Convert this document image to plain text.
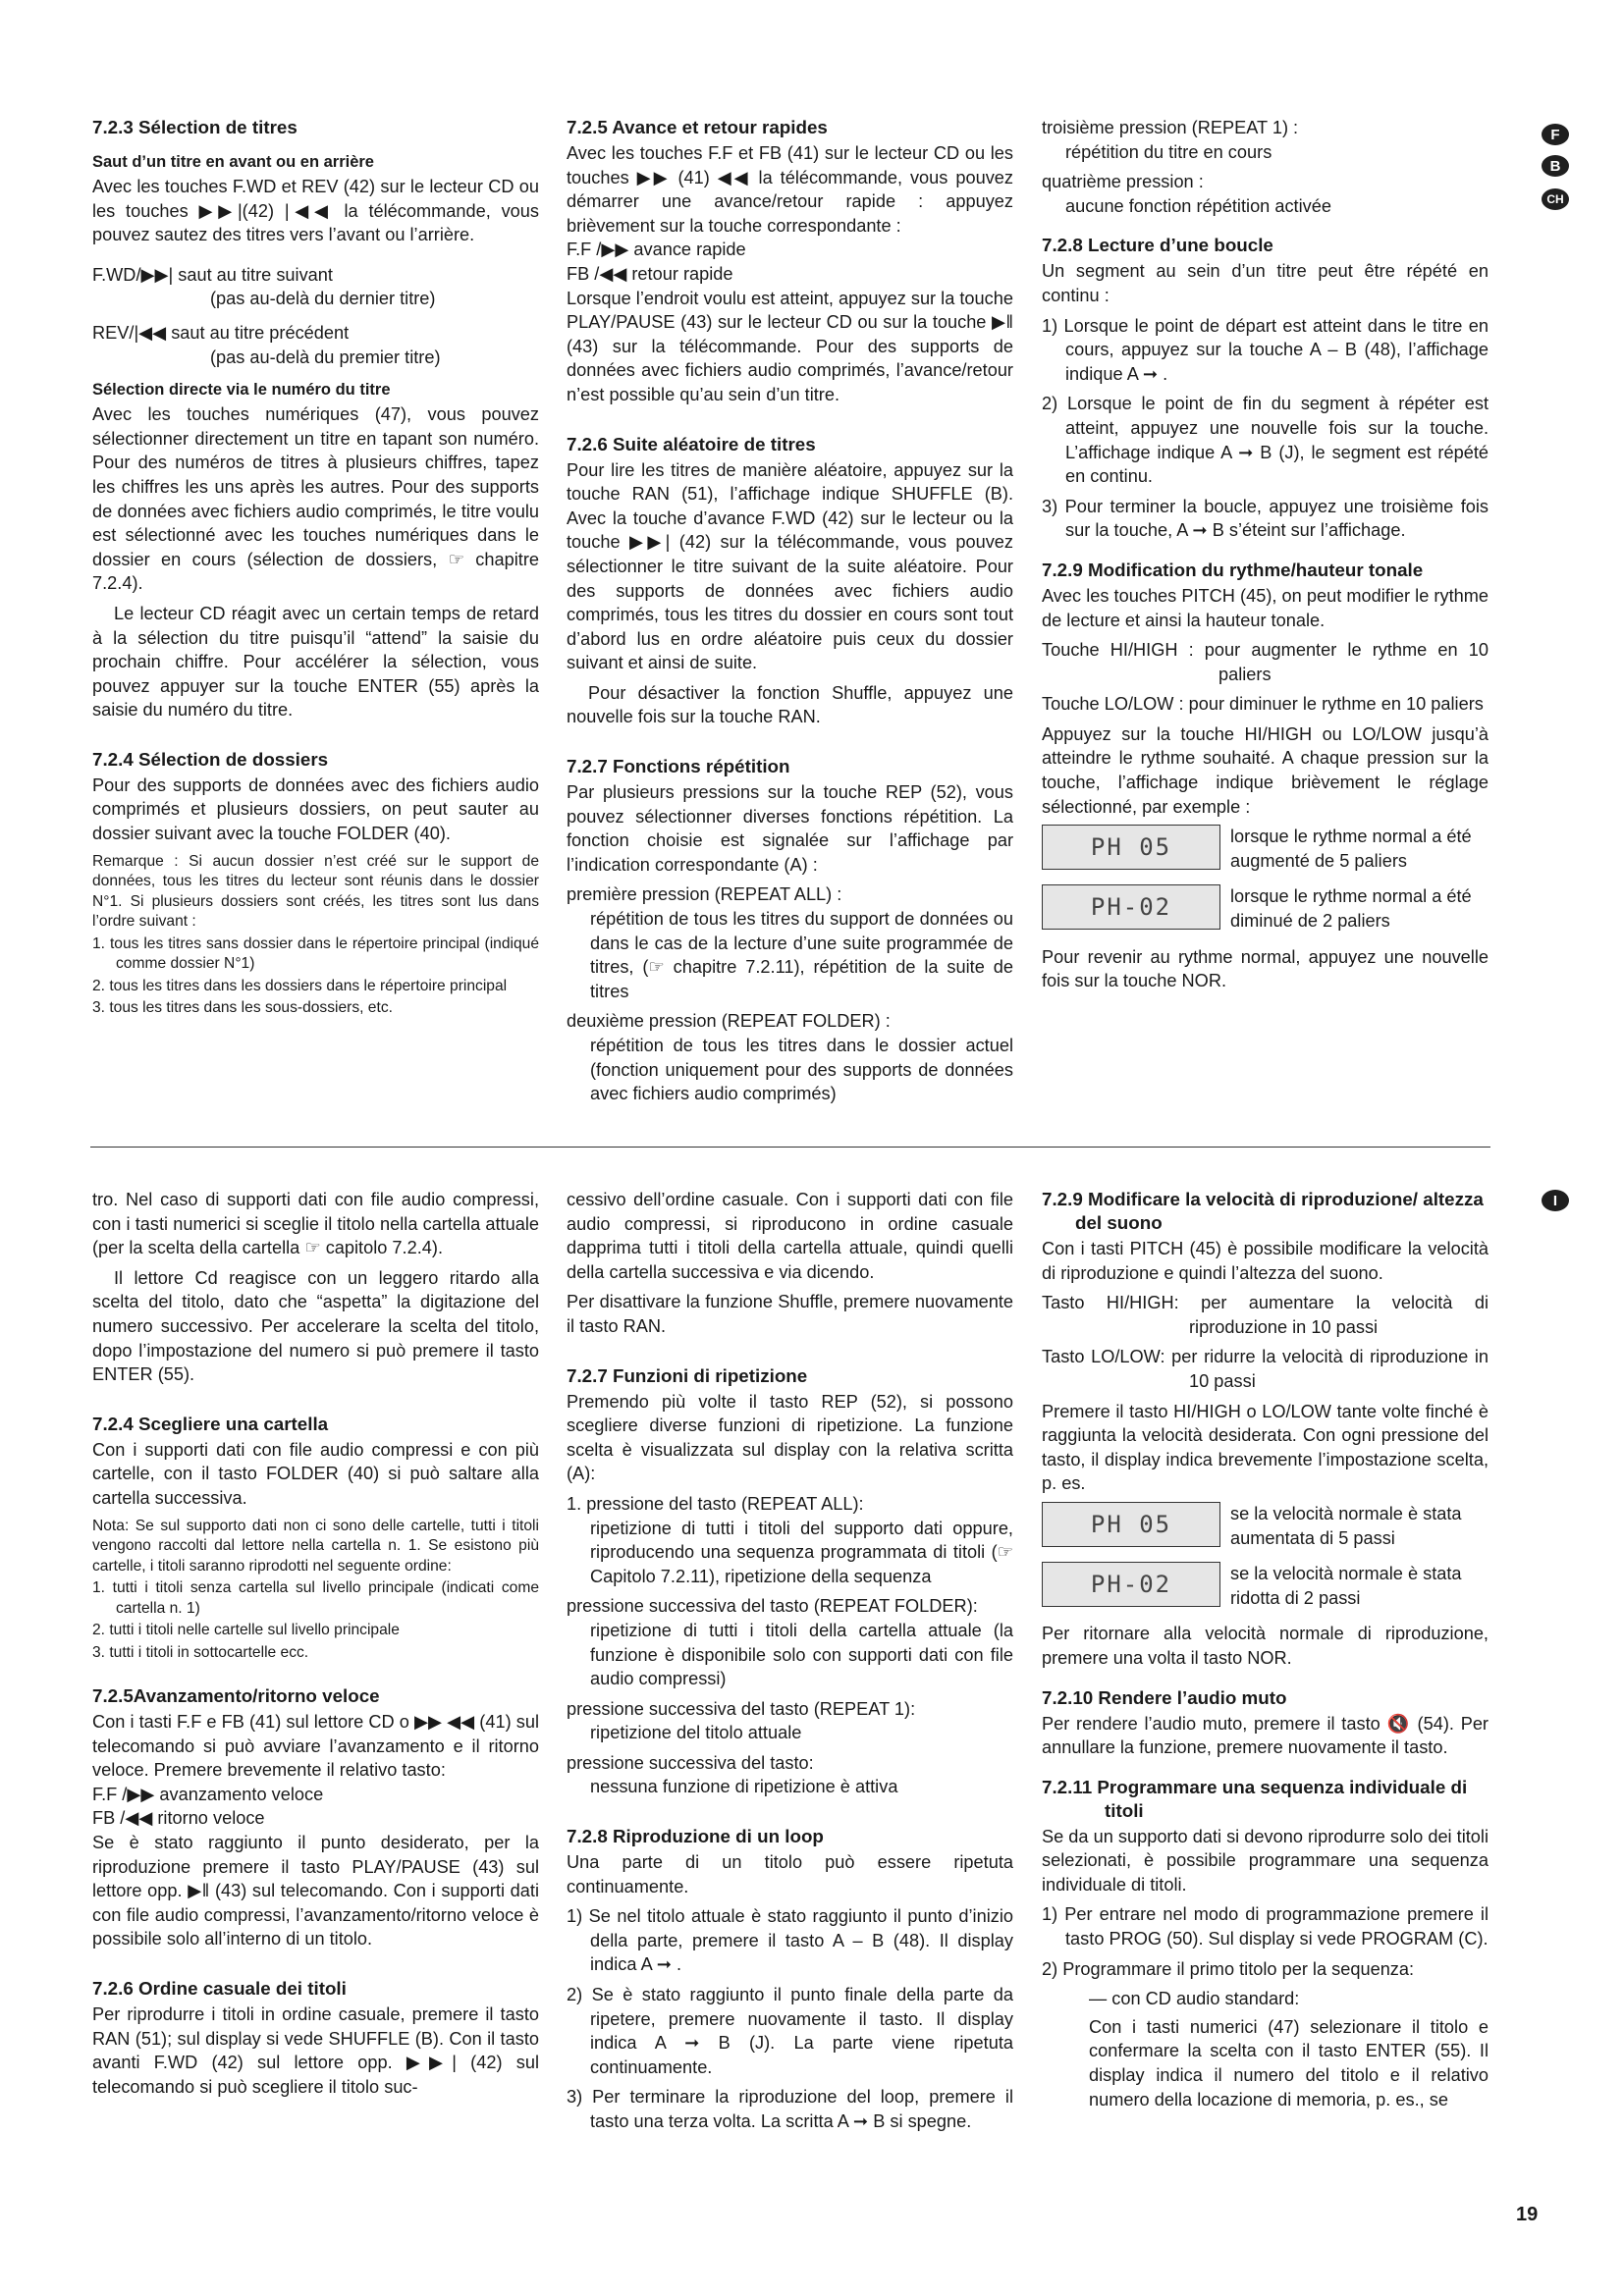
7.2.3 Sélection de titres
Saut d’un titre en avant ou en arrière

Avec les touches F.WD et REV (42) sur le lecteur CD ou les touches ▶▶|(42) |◀◀ la télécommande, vous pouvez sautez des titres vers l’avant ou l’arrière.

F.WD/▶▶| saut au titre suivant

(pas au-delà du dernier titre)

REV/|◀◀ saut au titre précédent

(pas au-delà du premier titre)

Sélection directe via le numéro du titre

Avec les touches numériques (47), vous pouvez sélectionner directement un titre en tapant son numéro. Pour des numéros de titres à plusieurs chiffres, tapez les chiffres les uns après les autres. Pour des supports de données avec fichiers audio comprimés, le titre voulu est sélectionné avec les touches numériques dans le dossier en cours (sélection de dossiers, ☞ chapitre 7.2.4).

Le lecteur CD réagit avec un certain temps de retard à la sélection du titre puisqu’il “attend” la saisie du prochain chiffre. Pour accélérer la sélection, vous pouvez appuyer sur la touche ENTER (55) après la saisie du numéro du titre.

7.2.4 Sélection de dossiers

Pour des supports de données avec des fichiers audio comprimés et plusieurs dossiers, on peut sauter au dossier suivant avec la touche FOLDER (40).

Remarque : Si aucun dossier n’est créé sur le support de données, tous les titres du lecteur sont réunis dans le dossier N°1. Si plusieurs dossiers sont créés, les titres sont lus dans l’ordre suivant :

1. tous les titres sans dossier dans le répertoire principal (indiqué comme dossier N°1)

2. tous les titres dans les dossiers dans le répertoire principal

3. tous les titres dans les sous-dossiers, etc.

7.2.5 Avance et retour rapides

Avec les touches F.F et FB (41) sur le lecteur CD ou les touches ▶▶ (41) ◀◀ la télécommande, vous pouvez démarrer une avance/retour rapide : appuyez brièvement sur la touche correspondante :

F.F /▶▶ avance rapide

FB /◀◀ retour rapide

Lorsque l’endroit voulu est atteint, appuyez sur la touche PLAY/PAUSE (43) sur le lecteur CD ou sur la touche ▶‖ (43) sur la télécommande. Pour des supports de données avec fichiers audio comprimés, l’avance/retour n’est possible qu’au sein d’un titre.

7.2.6 Suite aléatoire de titres

Pour lire les titres de manière aléatoire, appuyez sur la touche RAN (51), l’affichage indique SHUFFLE (B). Avec la touche d’avance F.WD (42) sur le lecteur ou la touche ▶▶| (42) sur la télécommande, vous pouvez sélectionner le titre suivant de la suite aléatoire. Pour des supports de données avec fichiers audio comprimés, tous les titres du dossier en cours sont tout d’abord lus en ordre aléatoire puis ceux du dossier suivant et ainsi de suite.

Pour désactiver la fonction Shuffle, appuyez une nouvelle fois sur la touche RAN.

7.2.7 Fonctions répétition

Par plusieurs pressions sur la touche REP (52), vous pouvez sélectionner diverses fonctions répétition. La fonction choisie est signalée sur l’affichage par l’indication correspondante (A) :

première pression (REPEAT ALL) :

répétition de tous les titres du support de données ou dans le cas de la lecture d’une suite programmée de titres, (☞ chapitre 7.2.11), répétition de la suite de titres

deuxième pression (REPEAT FOLDER) :

répétition de tous les titres dans le dossier actuel (fonction uniquement pour des supports de données avec fichiers audio comprimés)

troisième pression (REPEAT 1) :

répétition du titre en cours

quatrième pression :

aucune fonction répétition activée

7.2.8 Lecture d’une boucle

Un segment au sein d’un titre peut être répété en continu :

1) Lorsque le point de départ est atteint dans le titre en cours, appuyez sur la touche A – B (48), l’affichage indique A ➞ .

2) Lorsque le point de fin du segment à répéter est atteint, appuyez une nouvelle fois sur la touche. L’affichage indique A ➞ B (J), le segment est répété en continu.

3) Pour terminer la boucle, appuyez une troisième fois sur la touche, A ➞ B s’éteint sur l’affichage.

7.2.9 Modification du rythme/hauteur tonale

Avec les touches PITCH (45), on peut modifier le rythme de lecture et ainsi la hauteur tonale.

Touche HI/HIGH : pour augmenter le rythme en 10 paliers

Touche LO/LOW : pour diminuer le rythme en 10 paliers

Appuyez sur la touche HI/HIGH ou LO/LOW jusqu’à atteindre le rythme souhaité. A chaque pression sur la touche, l’affichage indique brièvement le réglage sélectionné, par exemple :

PH 05	lorsque le rythme normal a été augmenté de 5 paliers
PH-02	lorsque le rythme normal a été diminué de 2 paliers

Pour revenir au rythme normal, appuyez une nouvelle fois sur la touche NOR.

F
B
CH

tro. Nel caso di supporti dati con file audio compressi, con i tasti numerici si sceglie il titolo nella cartella attuale (per la scelta della cartella ☞ capitolo 7.2.4).

Il lettore Cd reagisce con un leggero ritardo alla scelta del titolo, dato che “aspetta” la digitazione del numero successivo. Per accelerare la scelta del titolo, dopo l’impostazione del numero si può premere il tasto ENTER (55).

7.2.4 Scegliere una cartella

Con i supporti dati con file audio compressi e con più cartelle, con il tasto FOLDER (40) si può saltare alla cartella successiva.

Nota: Se sul supporto dati non ci sono delle cartelle, tutti i titoli vengono raccolti dal lettore nella cartella n. 1. Se esistono più cartelle, i titoli saranno riprodotti nel seguente ordine:

1. tutti i titoli senza cartella sul livello principale (indicati come cartella n. 1)

2. tutti i titoli nelle cartelle sul livello principale

3. tutti i titoli in sottocartelle ecc.

7.2.5Avanzamento/ritorno veloce

Con i tasti F.F e FB (41) sul lettore CD o ▶▶ ◀◀ (41) sul telecomando si può avviare l’avanzamento e il ritorno veloce. Premere brevemente il relativo tasto:

F.F /▶▶ avanzamento veloce

FB /◀◀ ritorno veloce

Se è stato raggiunto il punto desiderato, per la riproduzione premere il tasto PLAY/PAUSE (43) sul lettore opp. ▶‖ (43) sul telecomando. Con i supporti dati con file audio compressi, l’avanzamento/ritorno veloce è possibile solo all’interno di un titolo.

7.2.6 Ordine casuale dei titoli

Per riprodurre i titoli in ordine casuale, premere il tasto RAN (51); sul display si vede SHUFFLE (B). Con il tasto avanti F.WD (42) sul lettore opp. ▶▶| (42) sul telecomando si può scegliere il titolo suc-

cessivo dell’ordine casuale. Con i supporti dati con file audio compressi, si riproducono in ordine casuale dapprima tutti i titoli della cartella attuale, quindi quelli della cartella successiva e via dicendo.

Per disattivare la funzione Shuffle, premere nuovamente il tasto RAN.

7.2.7 Funzioni di ripetizione

Premendo più volte il tasto REP (52), si possono scegliere diverse funzioni di ripetizione. La funzione scelta è visualizzata sul display con la relativa scritta (A):

1. pressione del tasto (REPEAT ALL):

ripetizione di tutti i titoli del supporto dati oppure, riproducendo una sequenza programmata di titoli (☞ Capitolo 7.2.11), ripetizione della sequenza

pressione successiva del tasto (REPEAT FOLDER):

ripetizione di tutti i titoli della cartella attuale (la funzione è disponibile solo con supporti dati con file audio compressi)

pressione successiva del tasto (REPEAT 1):

ripetizione del titolo attuale

pressione successiva del tasto:

nessuna funzione di ripetizione è attiva

7.2.8 Riproduzione di un loop

Una parte di un titolo può essere ripetuta continuamente.

1) Se nel titolo attuale è stato raggiunto il punto d’inizio della parte, premere il tasto A – B (48). Il display indica A ➞ .

2) Se è stato raggiunto il punto finale della parte da ripetere, premere nuovamente il tasto. Il display indica A ➞ B (J). La parte viene ripetuta continuamente.

3) Per terminare la riproduzione del loop, premere il tasto una terza volta. La scritta A ➞ B si spegne.

7.2.9 Modificare la velocità di riproduzione/ altezza del suono

Con i tasti PITCH (45) è possibile modificare la velocità di riproduzione e quindi l’altezza del suono.

Tasto HI/HIGH: per aumentare la velocità di riproduzione in 10 passi

Tasto LO/LOW: per ridurre la velocità di riproduzione in 10 passi

Premere il tasto HI/HIGH o LO/LOW tante volte finché è raggiunta la velocità desiderata. Con ogni pressione del tasto, il display indica brevemente l’impostazione scelta, p. es.

PH 05	se la velocità normale è stata aumentata di 5 passi
PH-02	se la velocità normale è stata ridotta di 2 passi

Per ritornare alla velocità normale di riproduzione, premere una volta il tasto NOR.

7.2.10 Rendere l’audio muto

Per rendere l’audio muto, premere il tasto 🔇 (54). Per annullare la funzione, premere nuovamente il tasto.

7.2.11 Programmare una sequenza individuale di titoli

Se da un supporto dati si devono riprodurre solo dei titoli selezionati, è possibile programmare una sequenza individuale di titoli.

1) Per entrare nel modo di programmazione premere il tasto PROG (50). Sul display si vede PROGRAM (C).

2) Programmare il primo titolo per la sequenza:

— con CD audio standard:

Con i tasti numerici (47) selezionare il titolo e confermare la scelta con il tasto ENTER (55). Il display indica il numero del titolo e il relativo numero della locazione di memoria, p. es., se

I
19
